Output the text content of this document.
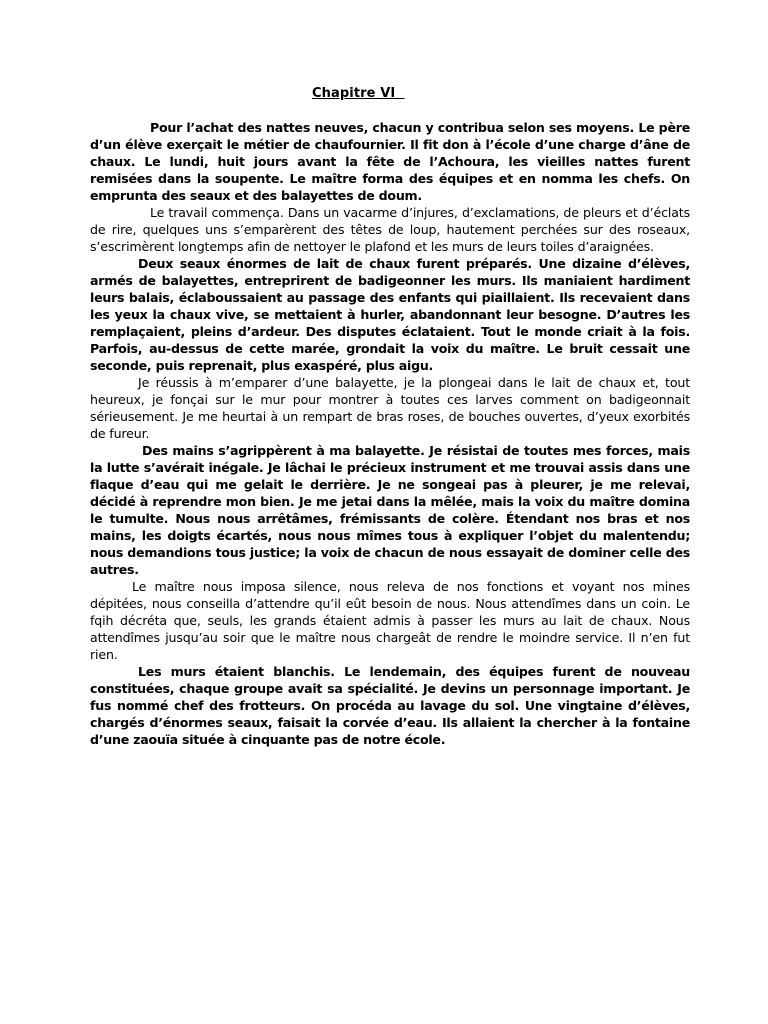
Chapitre VI

Pour l’achat des nattes neuves, chacun y contribua selon ses moyens. Le père d’un élève exerçait le métier de chaufournier. Il fit don à l’école d’une charge d’âne de chaux. Le lundi, huit jours avant la fête de l’Achoura, les vieilles nattes furent remisées dans la soupente. Le maître forma des équipes et en nomma les chefs. On emprunta des seaux et des balayettes de doum.

Le travail commença. Dans un vacarme d’injures, d’exclamations, de pleurs et d’éclats de rire, quelques uns s’emparèrent des têtes de loup, hautement perchées sur des roseaux, s’escrimèrent longtemps afin de nettoyer le plafond et les murs de leurs toiles d’araignées.

Deux seaux énormes de lait de chaux furent préparés. Une dizaine d’élèves, armés de balayettes, entreprirent de badigeonner les murs. Ils maniaient hardiment leurs balais, éclaboussaient au passage des enfants qui piaillaient. Ils recevaient dans les yeux la chaux vive, se mettaient à hurler, abandonnant leur besogne. D’autres les remplaçaient, pleins d’ardeur. Des disputes éclataient. Tout le monde criait à la fois. Parfois, au-dessus de cette marée, grondait la voix du maître. Le bruit cessait une seconde, puis reprenait, plus exaspéré, plus aigu.

Je réussis à m’emparer d’une balayette, je la plongeai dans le lait de chaux et, tout heureux, je fonçai sur le mur pour montrer à toutes ces larves comment on badigeonnait sérieusement. Je me heurtai à un rempart de bras roses, de bouches ouvertes, d’yeux exorbités de fureur.

Des mains s’agrippèrent à ma balayette. Je résistai de toutes mes forces, mais la lutte s’avérait inégale. Je lâchai le précieux instrument et me trouvai assis dans une flaque d’eau qui me gelait le derrière. Je ne songeai pas à pleurer, je me relevai, décidé à reprendre mon bien. Je me jetai dans la mêlée, mais la voix du maître domina le tumulte. Nous nous arrêtâmes, frémissants de colère. Étendant nos bras et nos mains, les doigts écartés, nous nous mîmes tous à expliquer l’objet du malentendu; nous demandions tous justice; la voix de chacun de nous essayait de dominer celle des autres.

Le maître nous imposa silence, nous releva de nos fonctions et voyant nos mines dépitées, nous conseilla d’attendre qu’il eût besoin de nous. Nous attendîmes dans un coin. Le fqih décréta que, seuls, les grands étaient admis à passer les murs au lait de chaux. Nous attendîmes jusqu’au soir que le maître nous chargeât de rendre le moindre service. Il n’en fut rien.

Les murs étaient blanchis. Le lendemain, des équipes furent de nouveau constituées, chaque groupe avait sa spécialité. Je devins un personnage important. Je fus nommé chef des frotteurs. On procéda au lavage du sol. Une vingtaine d’élèves, chargés d’énormes seaux, faisait la corvée d’eau. Ils allaient la chercher à la fontaine d’une zaouïa située à cinquante pas de notre école.
